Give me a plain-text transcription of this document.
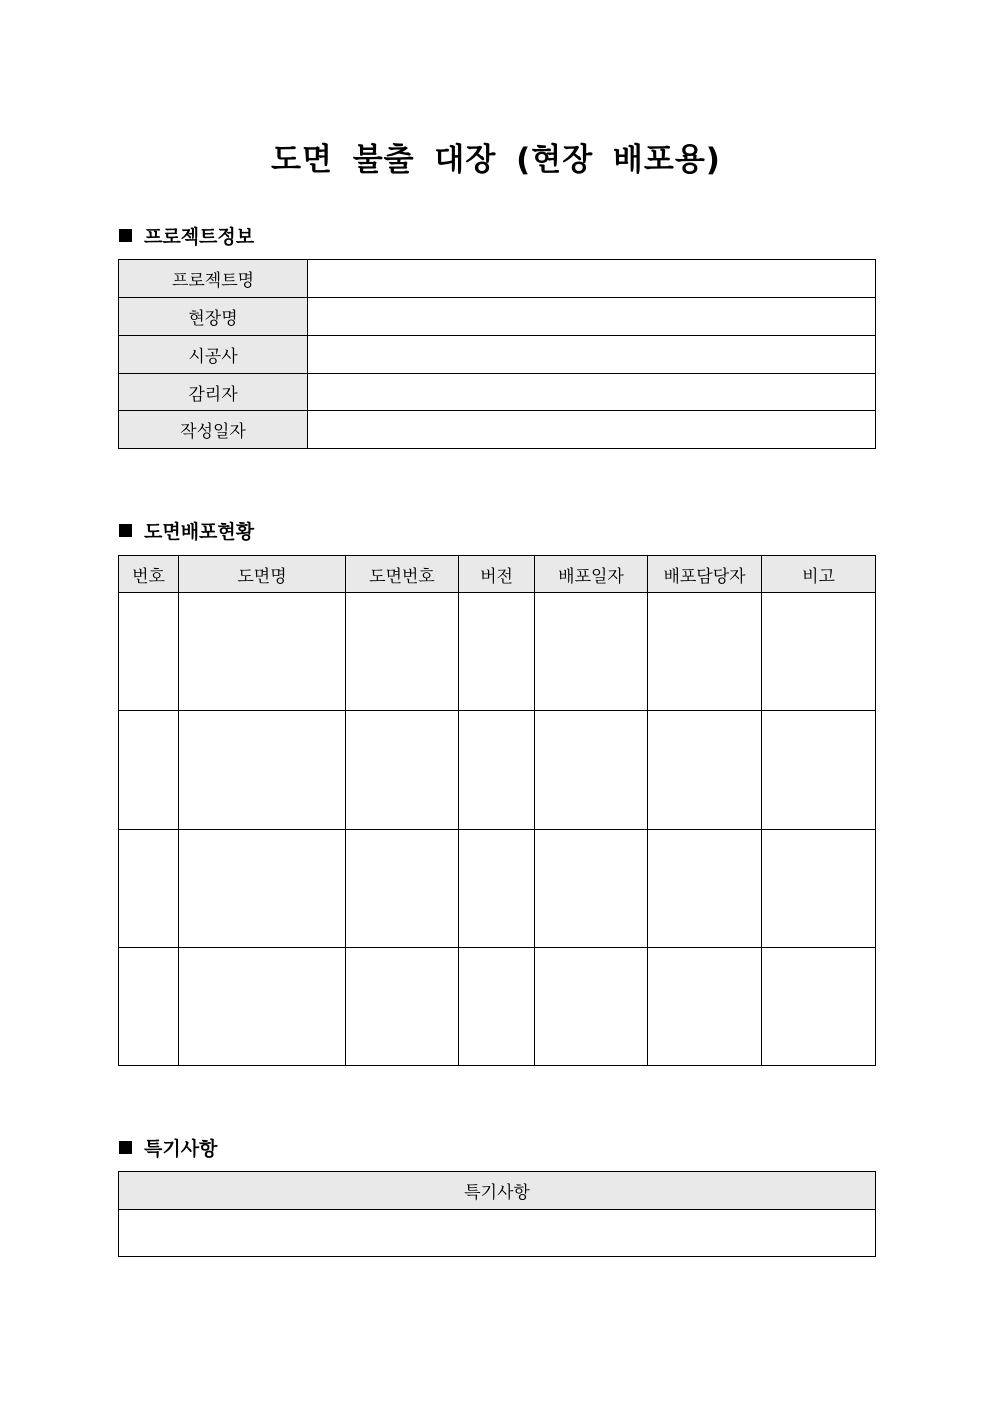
도면 불출 대장 (현장 배포용)
프로젝트정보
프로젝트명	
현장명	
시공사	
감리자	
작성일자	
도면배포현황
번호	도면명	도면번호	버전	배포일자	배포담당자	비고

특기사항
특기사항
